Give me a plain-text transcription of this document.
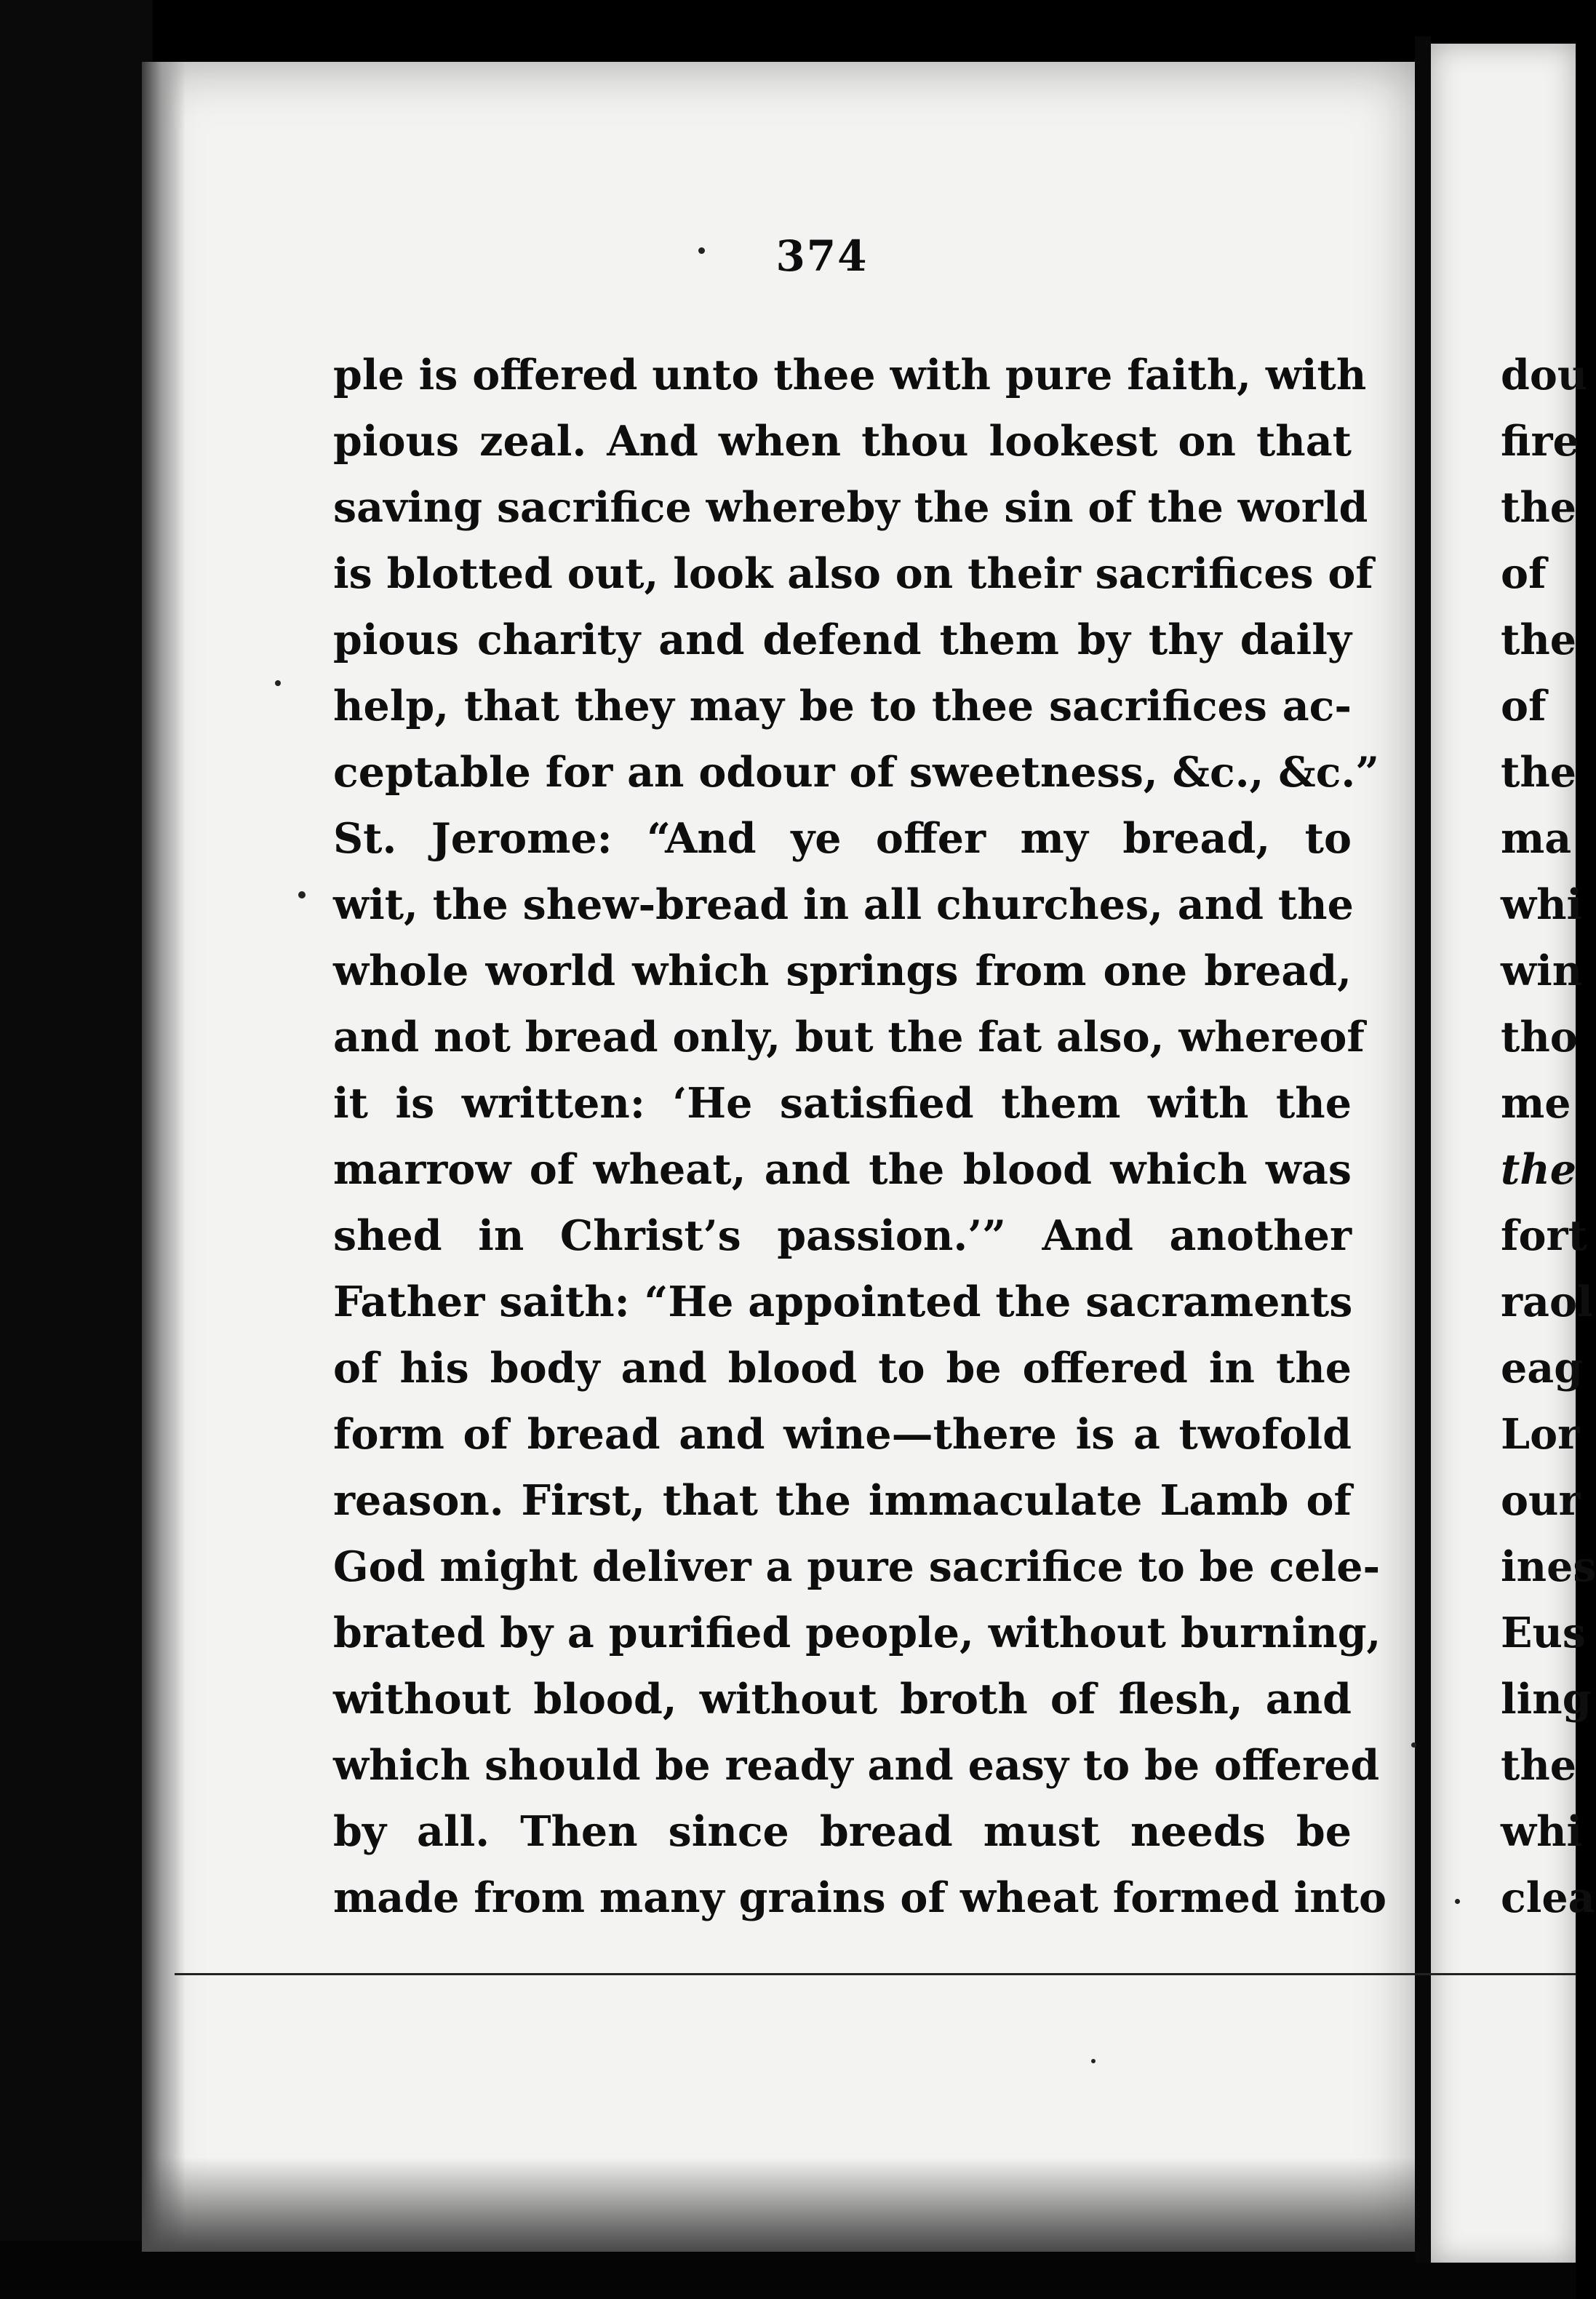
374
ple is offered unto thee with pure faith, with
pious zeal. And when thou lookest on that
saving sacrifice whereby the sin of the world
is blotted out, look also on their sacrifices of
pious charity and defend them by thy daily
help, that they may be to thee sacrifices ac-
ceptable for an odour of sweetness, &c., &c.”
St. Jerome: “And ye offer my bread, to
wit, the shew-bread in all churches, and the
whole world which springs from one bread,
and not bread only, but the fat also, whereof
it is written: ‘He satisfied them with the
marrow of wheat, and the blood which was
shed in Christ’s passion.’” And another
Father saith: “He appointed the sacraments
of his body and blood to be offered in the
form of bread and wine—there is a twofold
reason. First, that the immaculate Lamb of
God might deliver a pure sacrifice to be cele-
brated by a purified people, without burning,
without blood, without broth of flesh, and
which should be ready and easy to be offered
by all. Then since bread must needs be
made from many grains of wheat formed into
dou
fire
the
of
the
of
the
ma
whi
win
tho
me
the
fort
raol
eag
Lor
our
ines
Eus
ling
the
whi
clea
